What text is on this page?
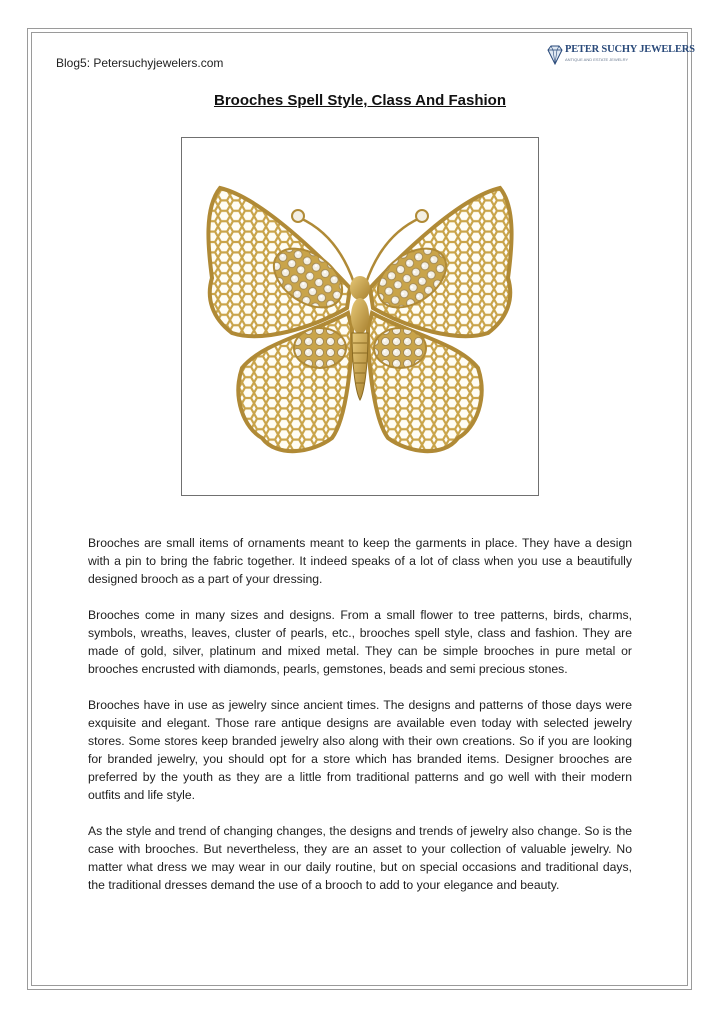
Blog5: Petersuchyjewelers.com
PETER SUCHY JEWELERS
ANTIQUE AND ESTATE JEWELRY
Brooches Spell Style, Class And Fashion

Brooches are small items of ornaments meant to keep the garments in place. They have a design with a pin to bring the fabric together. It indeed speaks of a lot of class when you use a beautifully designed brooch as a part of your dressing.

Brooches come in many sizes and designs. From a small flower to tree patterns, birds, charms, symbols, wreaths, leaves, cluster of pearls, etc., brooches spell style, class and fashion. They are made of gold, silver, platinum and mixed metal. They can be simple brooches in pure metal or brooches encrusted with diamonds, pearls, gemstones, beads and semi precious stones.

Brooches have in use as jewelry since ancient times. The designs and patterns of those days were exquisite and elegant. Those rare antique designs are available even today with selected jewelry stores. Some stores keep branded jewelry also along with their own creations. So if you are looking for branded jewelry, you should opt for a store which has branded items. Designer brooches are preferred by the youth as they are a little from traditional patterns and go well with their modern outfits and life style.

As the style and trend of changing changes, the designs and trends of jewelry also change. So is the case with brooches. But nevertheless, they are an asset to your collection of valuable jewelry. No matter what dress we may wear in our daily routine, but on special occasions and traditional days, the traditional dresses demand the use of a brooch to add to your elegance and beauty.
